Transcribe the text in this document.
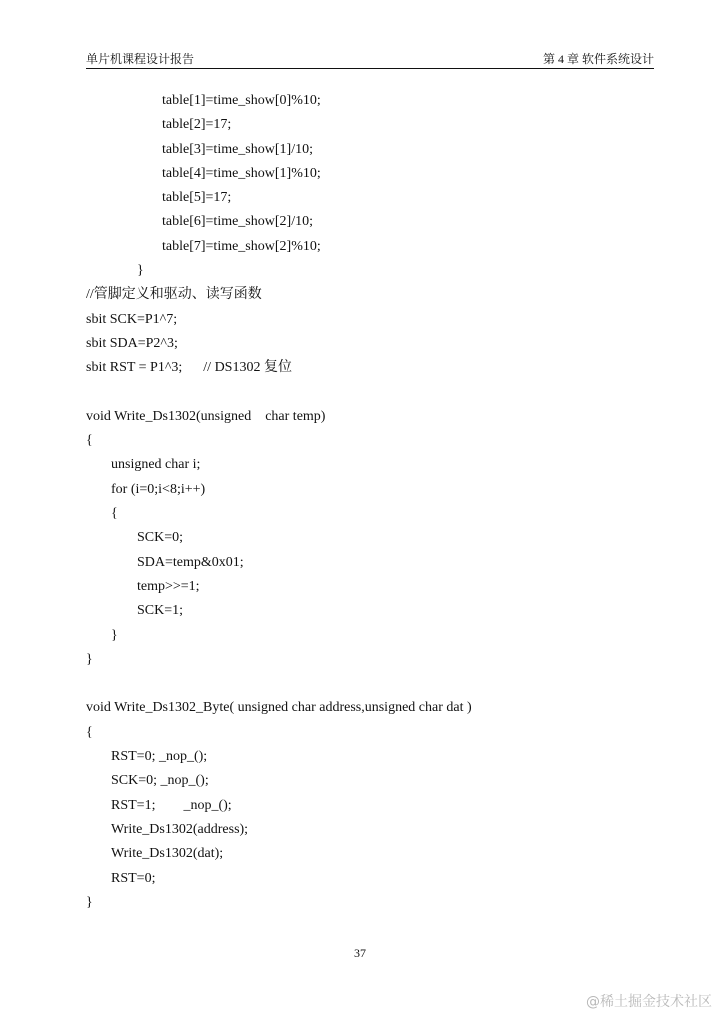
单片机课程设计报告	第 4 章 软件系统设计
table[1]=time_show[0]%10;
table[2]=17;
table[3]=time_show[1]/10;
table[4]=time_show[1]%10;
table[5]=17;
table[6]=time_show[2]/10;
table[7]=time_show[2]%10;
}
//管脚定义和驱动、读写函数
sbit SCK=P1^7;
sbit SDA=P2^3;
sbit RST = P1^3;      // DS1302 复位
void Write_Ds1302(unsigned    char temp)
{
unsigned char i;
for (i=0;i<8;i++)
{
SCK=0;
SDA=temp&0x01;
temp>>=1;
SCK=1;
}
}
void Write_Ds1302_Byte( unsigned char address,unsigned char dat )
{
RST=0; _nop_();
SCK=0; _nop_();
RST=1;        _nop_();
Write_Ds1302(address);
Write_Ds1302(dat);
RST=0;
}
37
@稀土掘金技术社区
